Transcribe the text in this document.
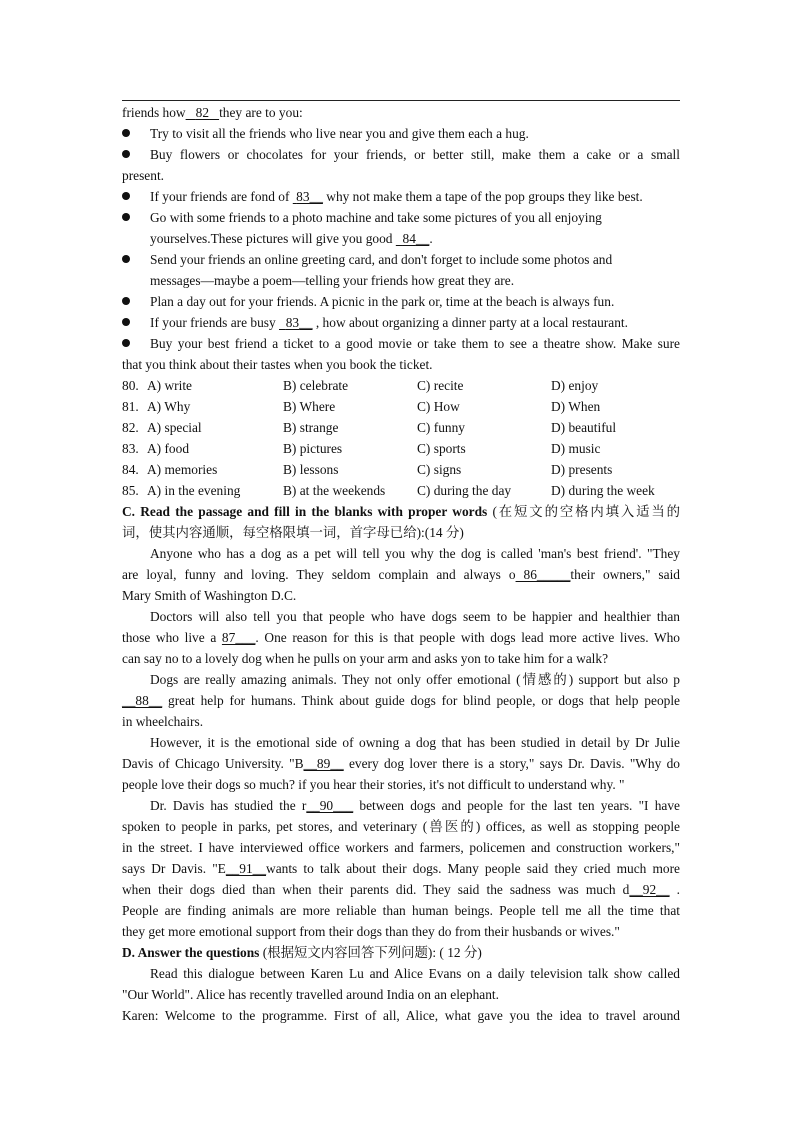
friends how 82 they are to you:
Try to visit all the friends who live near you and give them each a hug.
Buy flowers or chocolates for your friends, or better still, make them a cake or a small
present.
If your friends are fond of  83__ why not make them a tape of the pop groups they like best.
Go with some friends to a photo machine and take some pictures of you all enjoying
yourselves.These pictures will give you good   84__.
Send your friends an online greeting card, and don't forget to include some photos and
messages—maybe a poem—telling your friends how great they are.
Plan a day out for your friends. A picnic in the park or, time at the beach is always fun.
If your friends are busy   83__ , how about organizing a dinner party at a local restaurant.
Buy your best friend a ticket to a good movie or take them to see a theatre show. Make sure
that you think about their tastes when you book the ticket.
80. A) write	B) celebrate	C) recite	D) enjoy
81. A) Why	B) Where	C) How	D) When
82. A) special	B) strange	C) funny	D) beautiful
83. A) food	B) pictures	C) sports	D) music
84. A) memories	B) lessons	C) signs	D) presents
85. A) in the evening	B) at the weekends C) during the day	D) during the week
C. Read the passage and fill in the blanks with proper words (在短文的空格内填入适当的
词，使其内容通顺，每空格限填一词，首字母已给):(14 分)
Anyone who has a dog as a pet will tell you why the dog is called 'man's best friend'. "They
are loyal, funny and loving. They seldom complain and always o 86_____their owners," said
Mary Smith of Washington D.C.
Doctors will also tell you that people who have dogs seem to be happier and healthier than
those who live a 87___. One reason for this is that people with dogs lead more active lives. Who
can say no to a lovely dog when he pulls on your arm and asks yon to take him for a walk?
Dogs are really amazing animals. They not only offer emotional (情感的) support but also p
__88__ great help for humans. Think about guide dogs for blind people, or dogs that help people
in wheelchairs.
However, it is the emotional side of owning a dog that has been studied in detail by Dr Julie
Davis of Chicago University. "B__89__ every dog lover there is a story," says Dr. Davis. "Why do
people love their dogs so much? if you hear their stories, it's not difficult to understand why. "
Dr. Davis has studied the r__90___ between dogs and people for the last ten years. "I have
spoken to people in parks, pet stores, and veterinary (兽医的) offices, as well as stopping people
in the street. I have interviewed office workers and farmers, policemen and construction workers,"
says Dr Davis. "E__91__wants to talk about their dogs. Many people said they cried much more
when their dogs died than when their parents did. They said the sadness was much d__92__ .
People are finding animals are more reliable than human beings. People tell me all the time that
they get more emotional support from their dogs than they do from their husbands or wives."
D. Answer the questions (根据短文内容回答下列问题): ( 12 分)
Read this dialogue between Karen Lu and Alice Evans on a daily television talk show called
"Our World". Alice has recently travelled around India on an elephant.
Karen: Welcome to the programme. First of all, Alice, what gave you the idea to travel around
